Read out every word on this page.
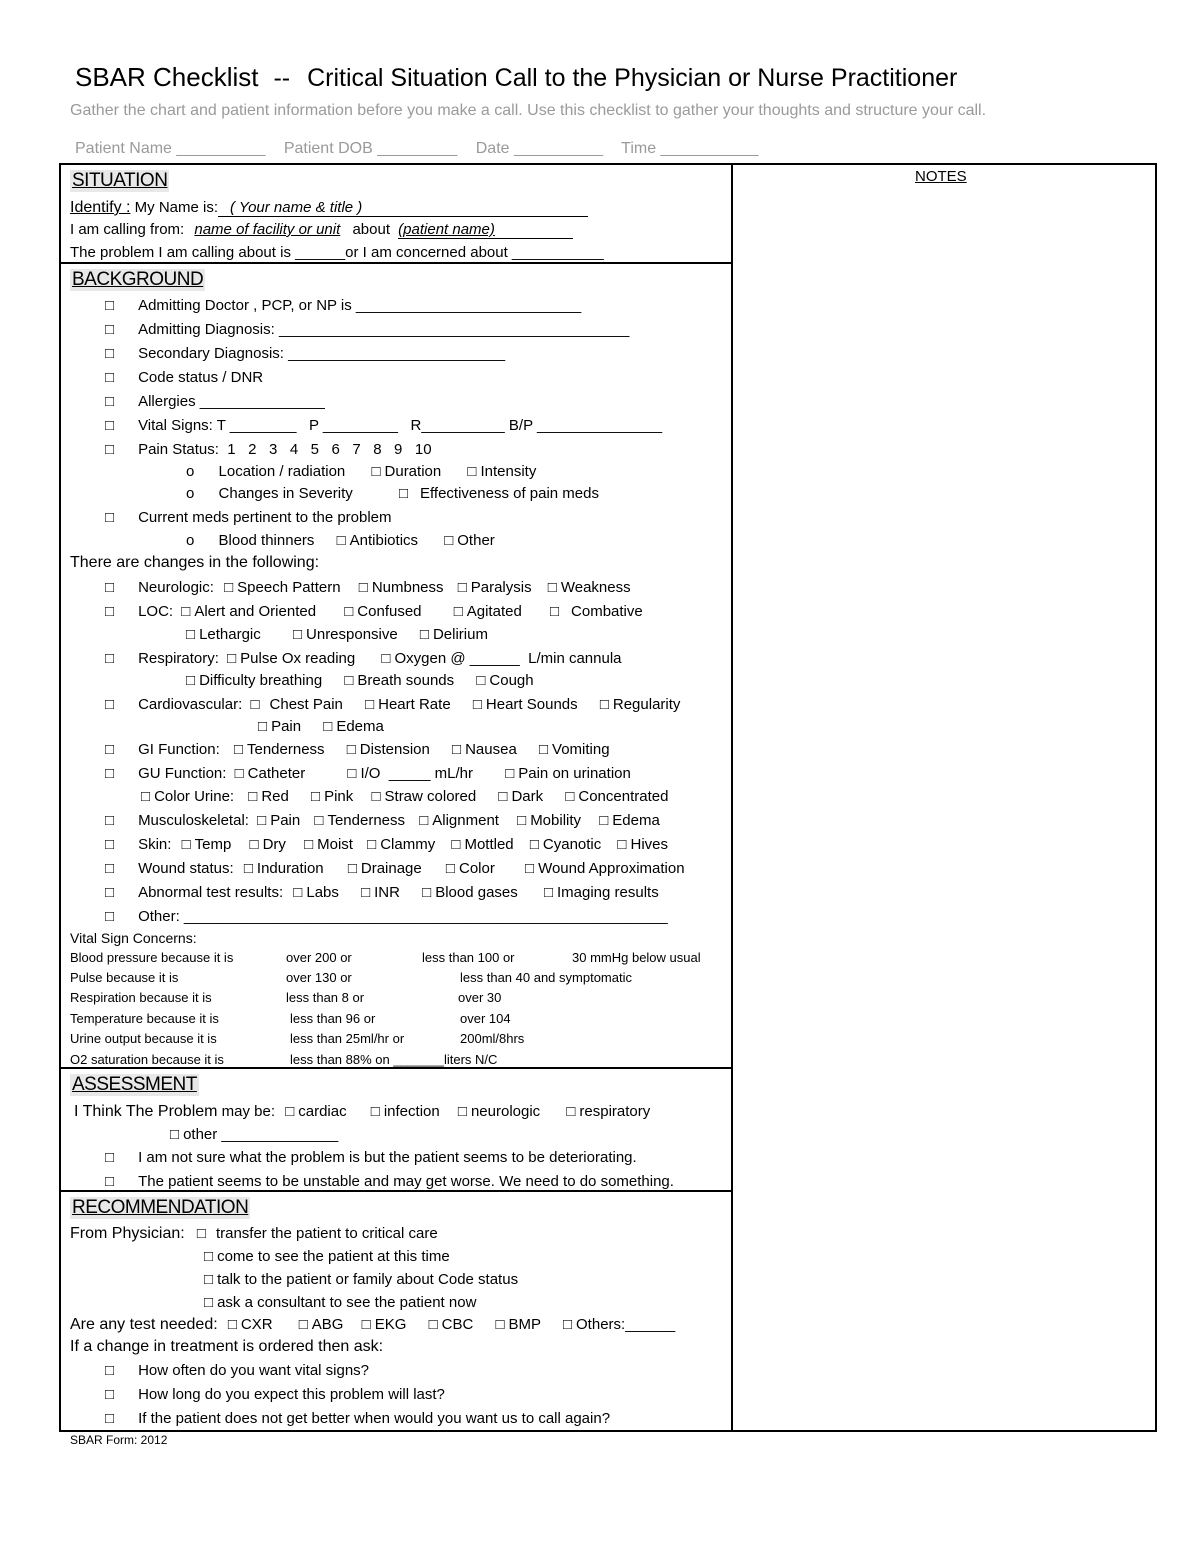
SBAR Checklist -- Critical Situation Call to the Physician or Nurse Practitioner
Gather the chart and patient information before you make a call. Use this checklist to gather your thoughts and structure your call.
Patient Name __________ Patient DOB _________ Date __________ Time ___________
NOTES
SITUATION
Identify : My Name is: ( Your name & title )
I am calling from: name of facility or unit about (patient name)
The problem I am calling about is ______or I am concerned about ___________
BACKGROUND
□ Admitting Doctor , PCP, or NP is ___________________________
□ Admitting Diagnosis: __________________________________________
□ Secondary Diagnosis: __________________________
□ Code status / DNR
□ Allergies _______________
□ Vital Signs: T ________   P _________   R__________ B/P _______________
□ Pain Status:  1   2   3   4   5   6   7   8   9   10
o Location / radiation □	Duration □	Intensity
o Changes in Severity □	Effectiveness of pain meds
□ Current meds pertinent to the problem
o Blood thinners □ Antibiotics □	Other
There are changes in the following:
□ Neurologic: □ Speech Pattern □ Numbness □ Paralysis □ Weakness
□ LOC: □ Alert and Oriented □	Confused □	Agitated □	Combative
□ Lethargic □	Unresponsive □ Delirium
□ Respiratory: □ Pulse Ox reading □	Oxygen @ ______  L/min cannula
□ Difficulty breathing □ Breath sounds □ Cough
□ Cardiovascular: □ Chest Pain □ Heart Rate □ Heart Sounds □ Regularity
□ Pain □ Edema
□ GI Function: □ Tenderness □ Distension □ Nausea □ Vomiting
□ GU Function: □ Catheter □	I/O  _____ mL/hr □	Pain on urination
□ Color Urine: □ Red □ Pink □ Straw colored □ Dark □ Concentrated
□ Musculoskeletal: □ Pain □ Tenderness □ Alignment □ Mobility □ Edema
□ Skin: □ Temp □ Dry □ Moist □ Clammy □ Mottled □ Cyanotic □ Hives
□ Wound status: □ Induration □ Drainage □ Color □	Wound Approximation
□ Abnormal test results: □ Labs □ INR □ Blood gases □	Imaging results
□ Other: __________________________________________________________
Vital Sign Concerns:
Blood pressure because it is	over 200 or	less than 100 or	30 mmHg below usual
Pulse because it is	over 130 or	less than 40 and symptomatic
Respiration because it is	less than 8 or	over 30
Temperature because it is	less than 96 or	over 104
Urine output because it is	less than 25ml/hr or	200ml/8hrs
O2 saturation because it is	less than 88% on _______liters N/C
ASSESSMENT
I Think The Problem may be: □ cardiac □ infection □ neurologic □	respiratory
□ other ______________
□ I am not sure what the problem is but the patient seems to be deteriorating.
□ The patient seems to be unstable and may get worse. We need to do something.
RECOMMENDATION
From Physician: □ transfer the patient to critical care
□ come to see the patient at this time
□ talk to the patient or family about Code status
□ ask a consultant to see the patient now
Are any test needed: □ CXR □	ABG □ EKG □ CBC □ BMP □ Others:______
If a change in treatment is ordered then ask:
□ How often do you want vital signs?
□ How long do you expect this problem will last?
□ If the patient does not get better when would you want us to call again?
SBAR Form: 2012
